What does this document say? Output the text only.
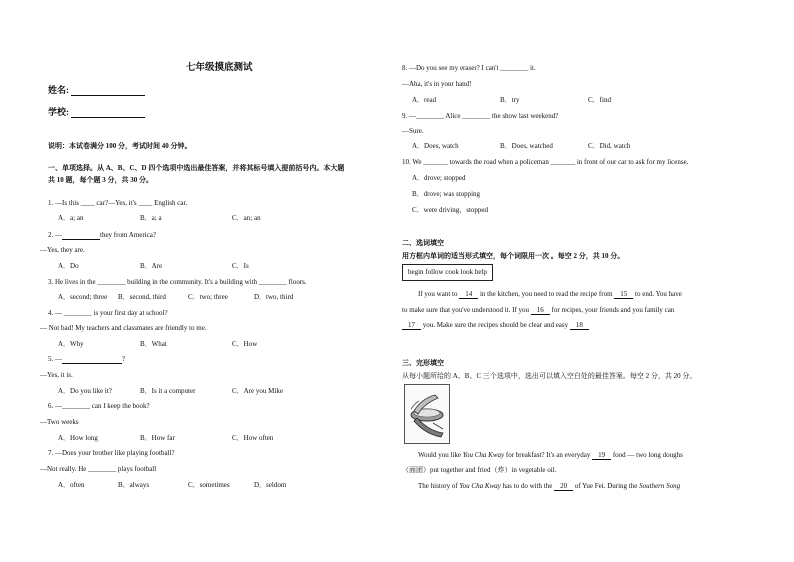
七年级摸底测试
姓名:
学校:
说明：本试卷满分 100 分，考试时间 40 分钟。
一、单项选择。从 A、B、C、D 四个选项中选出最佳答案，并将其标号填入提前括号内。本大题
共 10 题，每个题 3 分，共 30 分。
1. —Is this ____ car?—Yes, it's ____ English car.
A．a; an	B．a; a	C．an; an
2. —	they from America?
—Yes, they are.
A．Do	B．Are	C．Is
3. He lives in the ________ building in the community. It's a building with ________ floors.
A．second; three B．second, third	C．two; three	D．two, third
4. — ________ is your first day at school?
— Not bad! My teachers and classmates are friendly to me.
A．Why	B．What	C．How
5. —	?
—Yes, it is.
A．Do you like it?	B．Is it a computer	C．Are you Mike
6. —________ can I keep the book?
—Two weeks
A．How long	B．How far	C．How often
7. —Does your brother like playing football?
—Not really. He ________ plays football
A．often	B．always	C．sometimes	D．seldom
8. —Do you see my eraser? I can't ________ it.
—Aha, it's in your hand!
A．read	B．try	C．find
9. —________ Alice ________ the show last weekend?
—Sure.
A．Does, watch	B．Does, watched	C．Did, watch
10. We _______ towards the road when a policeman _______ in front of our car to ask for my license.
A．drove; stopped
B．drove; was stopping
C．were driving，stopped
二、选词填空
用方框内单词的适当形式填空，每个词限用一次 。每空 2 分，共 10 分。
begin follow cook look help
If you want to 14 in the kitchen, you need to read the recipe from 15 to end. You have
to make sure that you've understood it. If you 16 for recipes, your friends and you family can
17 you. Make sure the recipes should be clear and easy 18
三、完形填空
从每小题所给的 A、B、C 三个选项中，选出可以填入空白处的最佳答案。每空 2 分，共 20 分。
Would you like You Cha Kway for breakfast? It's an everyday 19 food — two long doughs
（面团）put together and fried（炸）in vegetable oil.
The history of You Cha Kway has to do with the 20 of Yue Fei. During the Southern Song
